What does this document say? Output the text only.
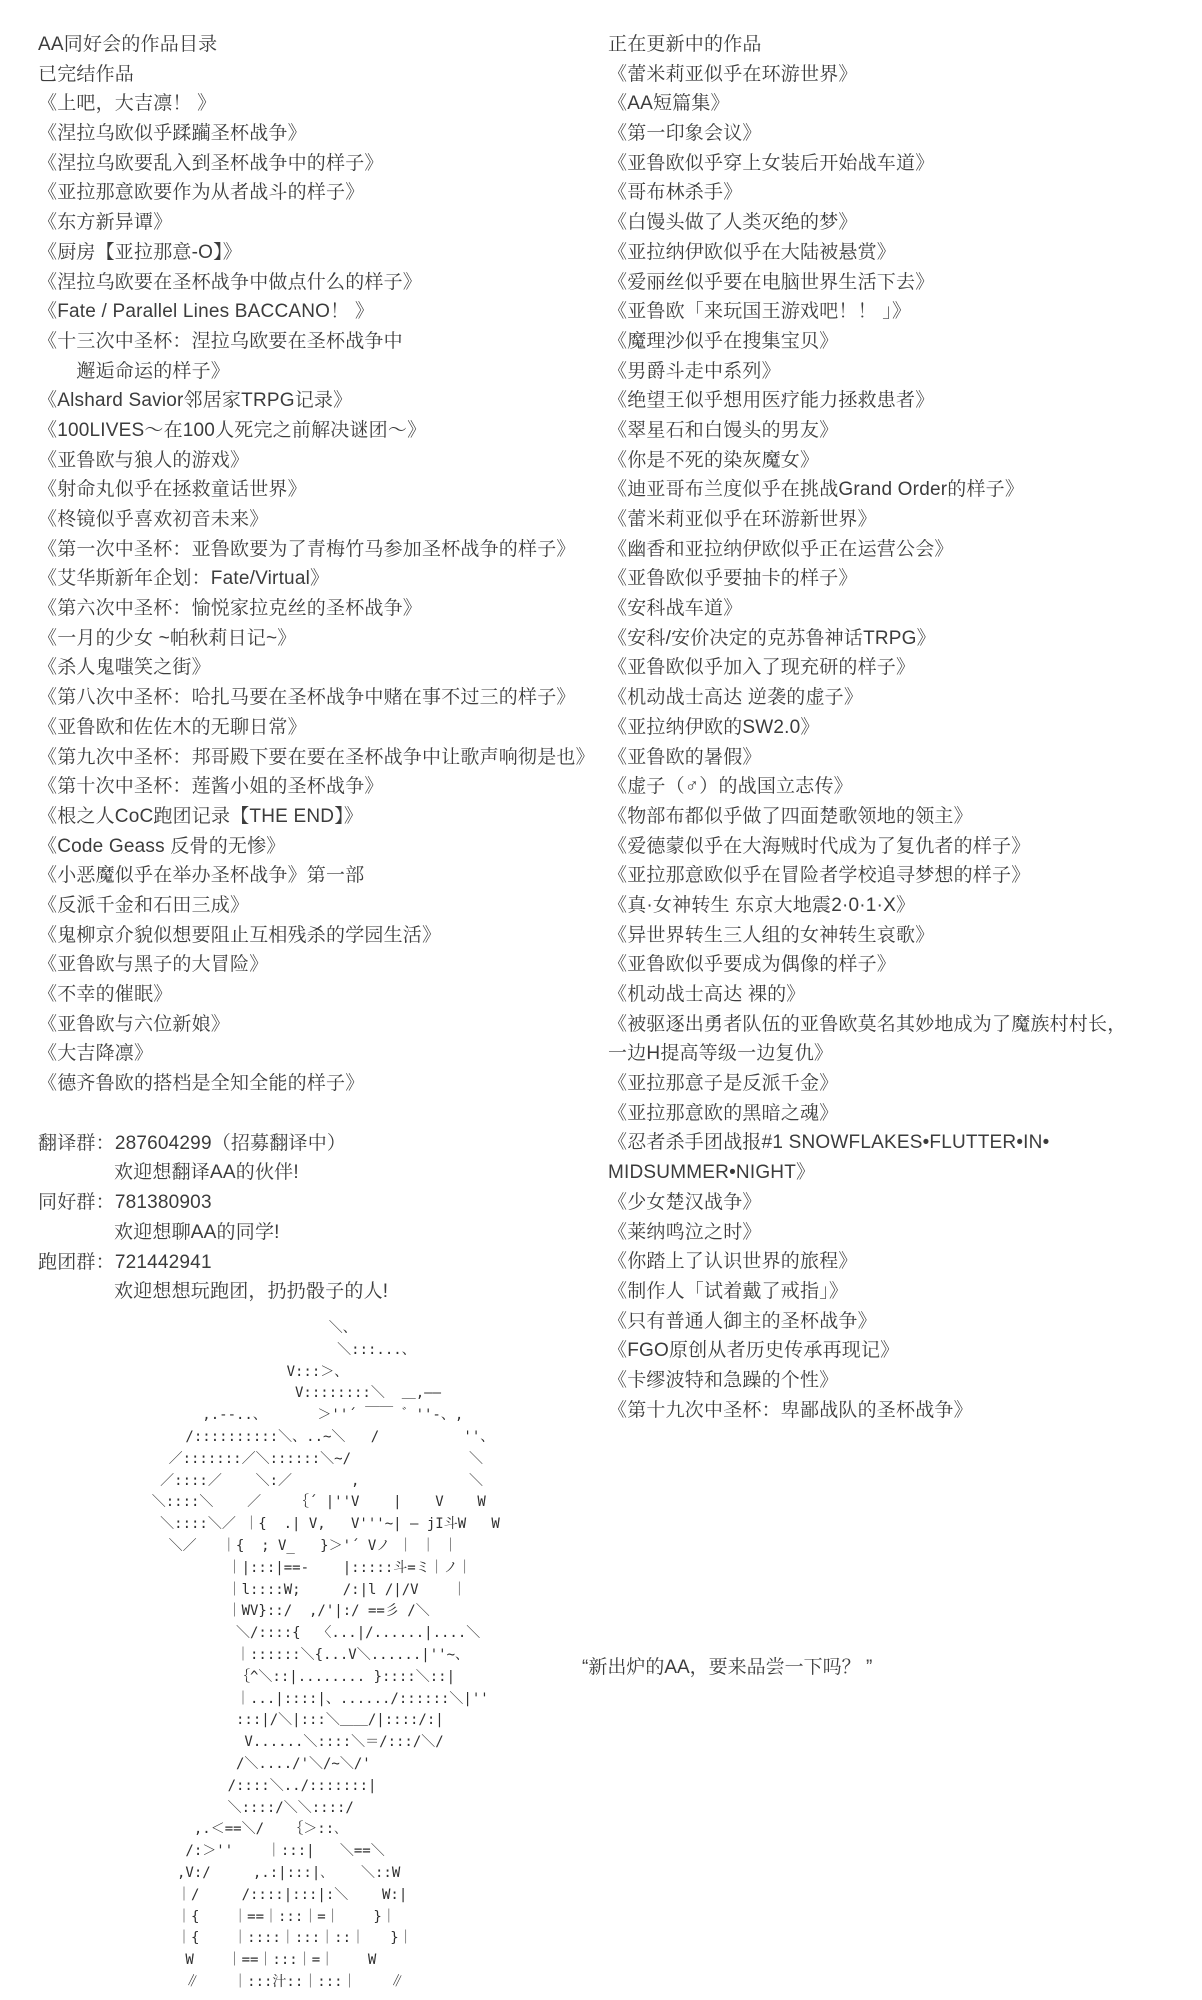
AA同好会的作品目录
已完结作品
《上吧，大吉凛！ 》
《涅拉乌欧似乎蹂躏圣杯战争》
《涅拉乌欧要乱入到圣杯战争中的样子》
《亚拉那意欧要作为从者战斗的样子》
《东方新异谭》
《厨房【亚拉那意-O】》
《涅拉乌欧要在圣杯战争中做点什么的样子》
《Fate / Parallel Lines BACCANO！ 》
《十三次中圣杯：涅拉乌欧要在圣杯战争中
　　邂逅命运的样子》
《Alshard Savior邻居家TRPG记录》
《100LIVES～在100人死完之前解决谜团～》
《亚鲁欧与狼人的游戏》
《射命丸似乎在拯救童话世界》
《柊镜似乎喜欢初音未来》
《第一次中圣杯：亚鲁欧要为了青梅竹马参加圣杯战争的样子》
《艾华斯新年企划：Fate/Virtual》
《第六次中圣杯：愉悦家拉克丝的圣杯战争》
《一月的少女 ~帕秋莉日记~》
《杀人鬼嗤笑之街》
《第八次中圣杯：哈扎马要在圣杯战争中赌在事不过三的样子》
《亚鲁欧和佐佐木的无聊日常》
《第九次中圣杯：邦哥殿下要在要在圣杯战争中让歌声响彻是也》
《第十次中圣杯：莲酱小姐的圣杯战争》
《根之人CoC跑团记录【THE END】》
《Code Geass 反骨的无惨》
《小恶魔似乎在举办圣杯战争》第一部
《反派千金和石田三成》
《鬼柳京介貌似想要阻止互相残杀的学园生活》
《亚鲁欧与黑子的大冒险》
《不幸的催眠》
《亚鲁欧与六位新娘》
《大吉降凛》
《德齐鲁欧的搭档是全知全能的样子》
翻译群：287604299（招募翻译中）
欢迎想翻译AA的伙伴!
同好群：781380903
欢迎想聊AA的同学!
跑团群：721442941
欢迎想想玩跑团，扔扔骰子的人!
正在更新中的作品
《蕾米莉亚似乎在环游世界》
《AA短篇集》
《第一印象会议》
《亚鲁欧似乎穿上女装后开始战车道》
《哥布林杀手》
《白馒头做了人类灭绝的梦》
《亚拉纳伊欧似乎在大陆被悬赏》
《爱丽丝似乎要在电脑世界生活下去》
《亚鲁欧「来玩国王游戏吧！！ 」》
《魔理沙似乎在搜集宝贝》
《男爵斗走中系列》
《绝望王似乎想用医疗能力拯救患者》
《翠星石和白馒头的男友》
《你是不死的染灰魔女》
《迪亚哥布兰度似乎在挑战Grand Order的样子》
《蕾米莉亚似乎在环游新世界》
《幽香和亚拉纳伊欧似乎正在运营公会》
《亚鲁欧似乎要抽卡的样子》
《安科战车道》
《安科/安价决定的克苏鲁神话TRPG》
《亚鲁欧似乎加入了现充研的样子》
《机动战士高达 逆袭的虚子》
《亚拉纳伊欧的SW2.0》
《亚鲁欧的暑假》
《虚子（♂）的战国立志传》
《物部布都似乎做了四面楚歌领地的领主》
《爱德蒙似乎在大海贼时代成为了复仇者的样子》
《亚拉那意欧似乎在冒险者学校追寻梦想的样子》
《真·女神转生 东京大地震2·0·1·X》
《异世界转生三人组的女神转生哀歌》
《亚鲁欧似乎要成为偶像的样子》
《机动战士高达 裸的》
《被驱逐出勇者队伍的亚鲁欧莫名其妙地成为了魔族村村长，
一边H提高等级一边复仇》
《亚拉那意子是反派千金》
《亚拉那意欧的黑暗之魂》
《忍者杀手团战报#1 SNOWFLAKES•FLUTTER•IN•
MIDSUMMER•NIGHT》
《少女楚汉战争》
《莱纳鸣泣之时》
《你踏上了认识世界的旅程》
《制作人「试着戴了戒指」》
《只有普通人御主的圣杯战争》
《FGO原创从者历史传承再现记》
《卡缪波特和急躁的个性》
《第十九次中圣杯：卑鄙战队的圣杯战争》
“新出炉的AA，要来品尝一下吗？ ”
＼、
＼:::...、
V:::＞、
V::::::::＼  ＿,——
,.--..、      ＞''´ ￣￣ ゛''-、,
/::::::::::＼、..~＼   /          ''、
／:::::::／＼::::::＼~/              ＼
／::::／    ＼:／       ,             ＼
＼::::＼    ／    ｛´ |''V    |    V    W
＼::::＼／ ｜{  .| V,   V'''~| — jI斗W   W
＼／   ｜{  ; V_   }＞'´ Vノ ｜ ｜ ｜
｜|:::|==-    |:::::斗=ミ｜ノ｜
｜l::::W;     /:|l /|/V    ｜
｜WV}::/  ,/'|:/ ==彡 /＼
＼/::::{  〈...|/......|....＼
｜::::::＼{...V＼......|''~、
｛^＼::|........ }::::＼::|
｜...|::::|、....../::::::＼|''
:::|/＼|:::＼＿＿/|::::/:|
V......＼::::＼＝/:::/＼/
/＼..../'＼/~＼/'
/::::＼../:::::::|
＼::::/＼＼::::/
,.＜==＼/   ｛＞::､
/:＞''    ｜:::|   ＼==＼
,V:/     ,.:|:::|､    ＼::W
｜/     /::::|:::|:＼    W:|
｜{    ｜==｜:::｜=｜    }｜
｜{    ｜::::｜:::｜::｜   }｜
W    ｜==｜:::｜=｜    W
∥    ｜:::汁::｜:::｜    ∥
